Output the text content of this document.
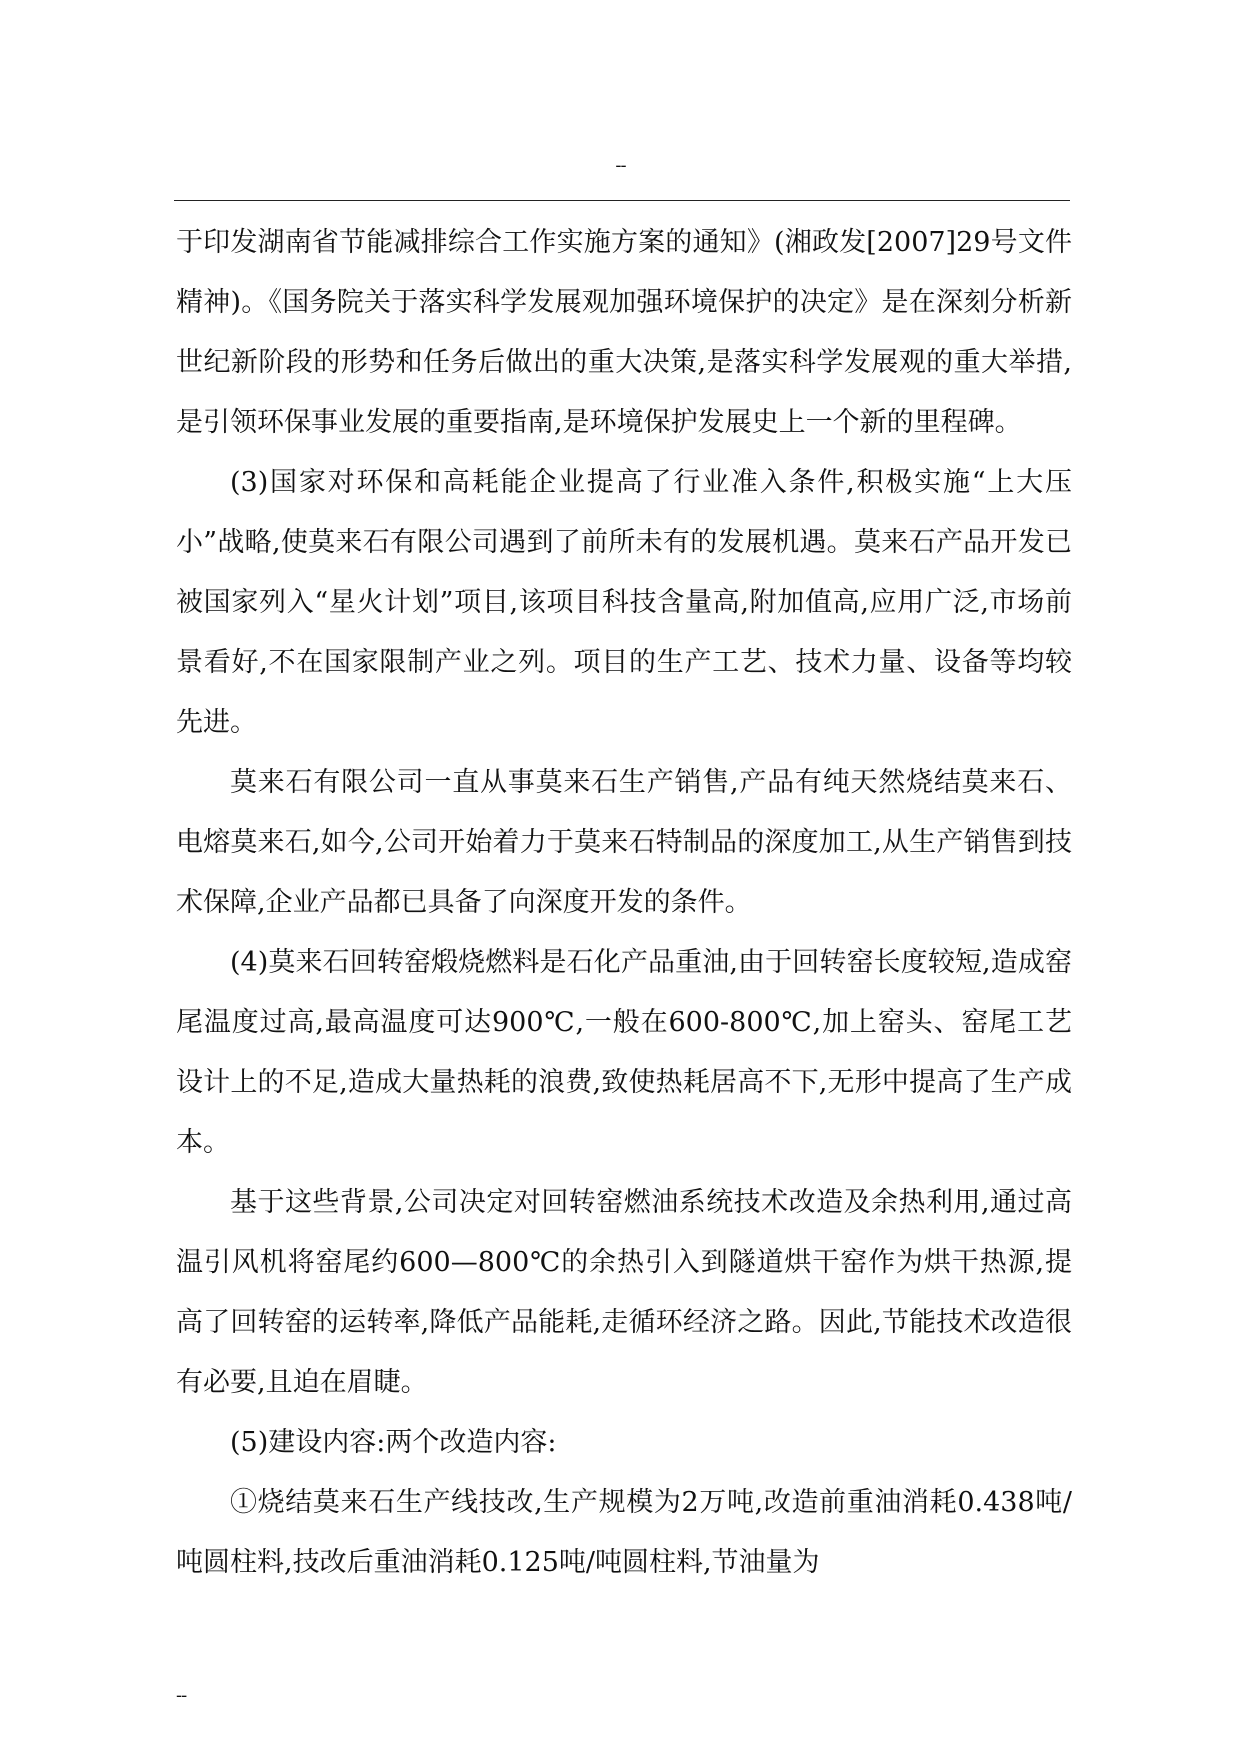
--

于印发湖南省节能减排综合工作实施方案的通知》(湘政发[2007]29号文件精神)。《国务院关于落实科学发展观加强环境保护的决定》是在深刻分析新世纪新阶段的形势和任务后做出的重大决策,是落实科学发展观的重大举措,是引领环保事业发展的重要指南,是环境保护发展史上一个新的里程碑。

(3)国家对环保和高耗能企业提高了行业准入条件,积极实施“上大压小”战略,使莫来石有限公司遇到了前所未有的发展机遇。莫来石产品开发已被国家列入“星火计划”项目,该项目科技含量高,附加值高,应用广泛,市场前景看好,不在国家限制产业之列。项目的生产工艺、技术力量、设备等均较先进。

莫来石有限公司一直从事莫来石生产销售,产品有纯天然烧结莫来石、电熔莫来石,如今,公司开始着力于莫来石特制品的深度加工,从生产销售到技术保障,企业产品都已具备了向深度开发的条件。

(4)莫来石回转窑煅烧燃料是石化产品重油,由于回转窑长度较短,造成窑尾温度过高,最高温度可达900℃,一般在600-800℃,加上窑头、窑尾工艺设计上的不足,造成大量热耗的浪费,致使热耗居高不下,无形中提高了生产成本。

基于这些背景,公司决定对回转窑燃油系统技术改造及余热利用,通过高温引风机将窑尾约600—800℃的余热引入到隧道烘干窑作为烘干热源,提高了回转窑的运转率,降低产品能耗,走循环经济之路。因此,节能技术改造很有必要,且迫在眉睫。

(5)建设内容:两个改造内容:

①烧结莫来石生产线技改,生产规模为2万吨,改造前重油消耗0.438吨/吨圆柱料,技改后重油消耗0.125吨/吨圆柱料,节油量为

--
